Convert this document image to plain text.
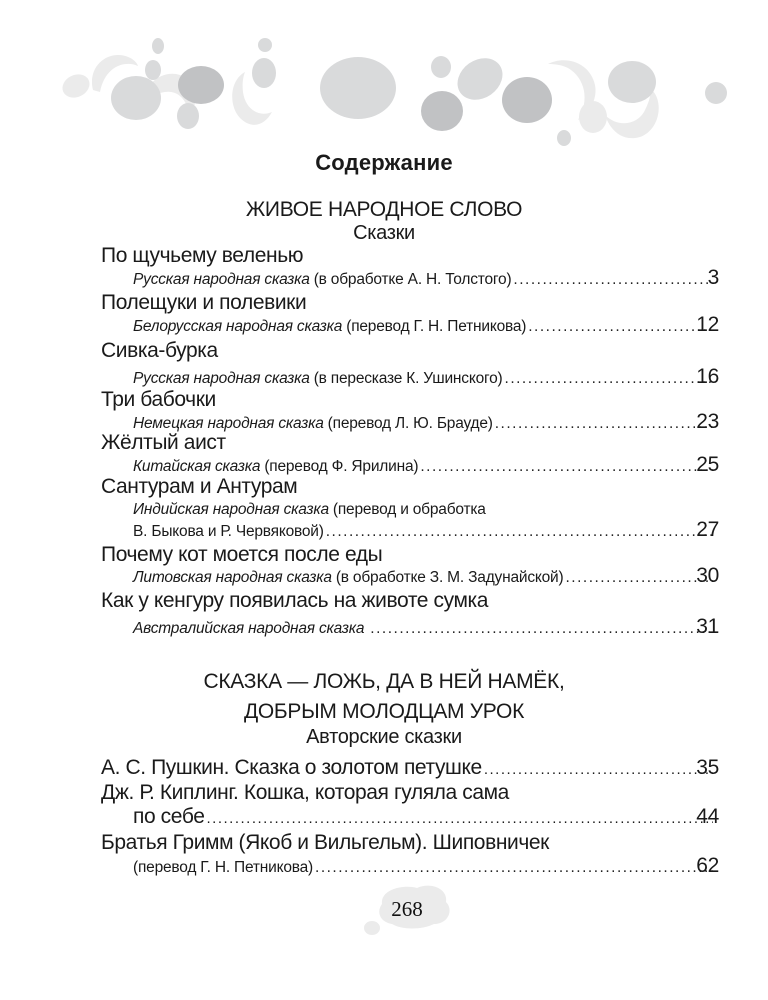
Содержание
ЖИВОЕ НАРОДНОЕ СЛОВО
Сказки
По щучьему веленью
Русская народная сказка (в обработке А. Н. Толстого) .....	3
Полещуки и полевики
Белорусская народная сказка (перевод Г. Н. Петникова) .....	12
Сивка-бурка
Русская народная сказка (в пересказе К. Ушинского) .....	16
Три бабочки
Немецкая народная сказка (перевод Л. Ю. Брауде) .....	23
Жёлтый аист
Китайская сказка (перевод Ф. Ярилина) .....	25
Сантурам и Антурам
Индийская народная сказка (перевод и обработка
В. Быкова и Р. Червяковой) .....	27
Почему кот моется после еды
Литовская народная сказка (в обработке З. М. Задунайской) .....	30
Как у кенгуру появилась на животе сумка
Австралийская народная сказка .....	31
СКАЗКА — ЛОЖЬ, ДА В НЕЙ НАМЁК,
ДОБРЫМ МОЛОДЦАМ УРОК
Авторские сказки
А. С. Пушкин. Сказка о золотом петушке .....	35
Дж. Р. Киплинг. Кошка, которая гуляла сама
по себе .....	44
Братья Гримм (Якоб и Вильгельм). Шиповничек
(перевод Г. Н. Петникова) .....	62
268
